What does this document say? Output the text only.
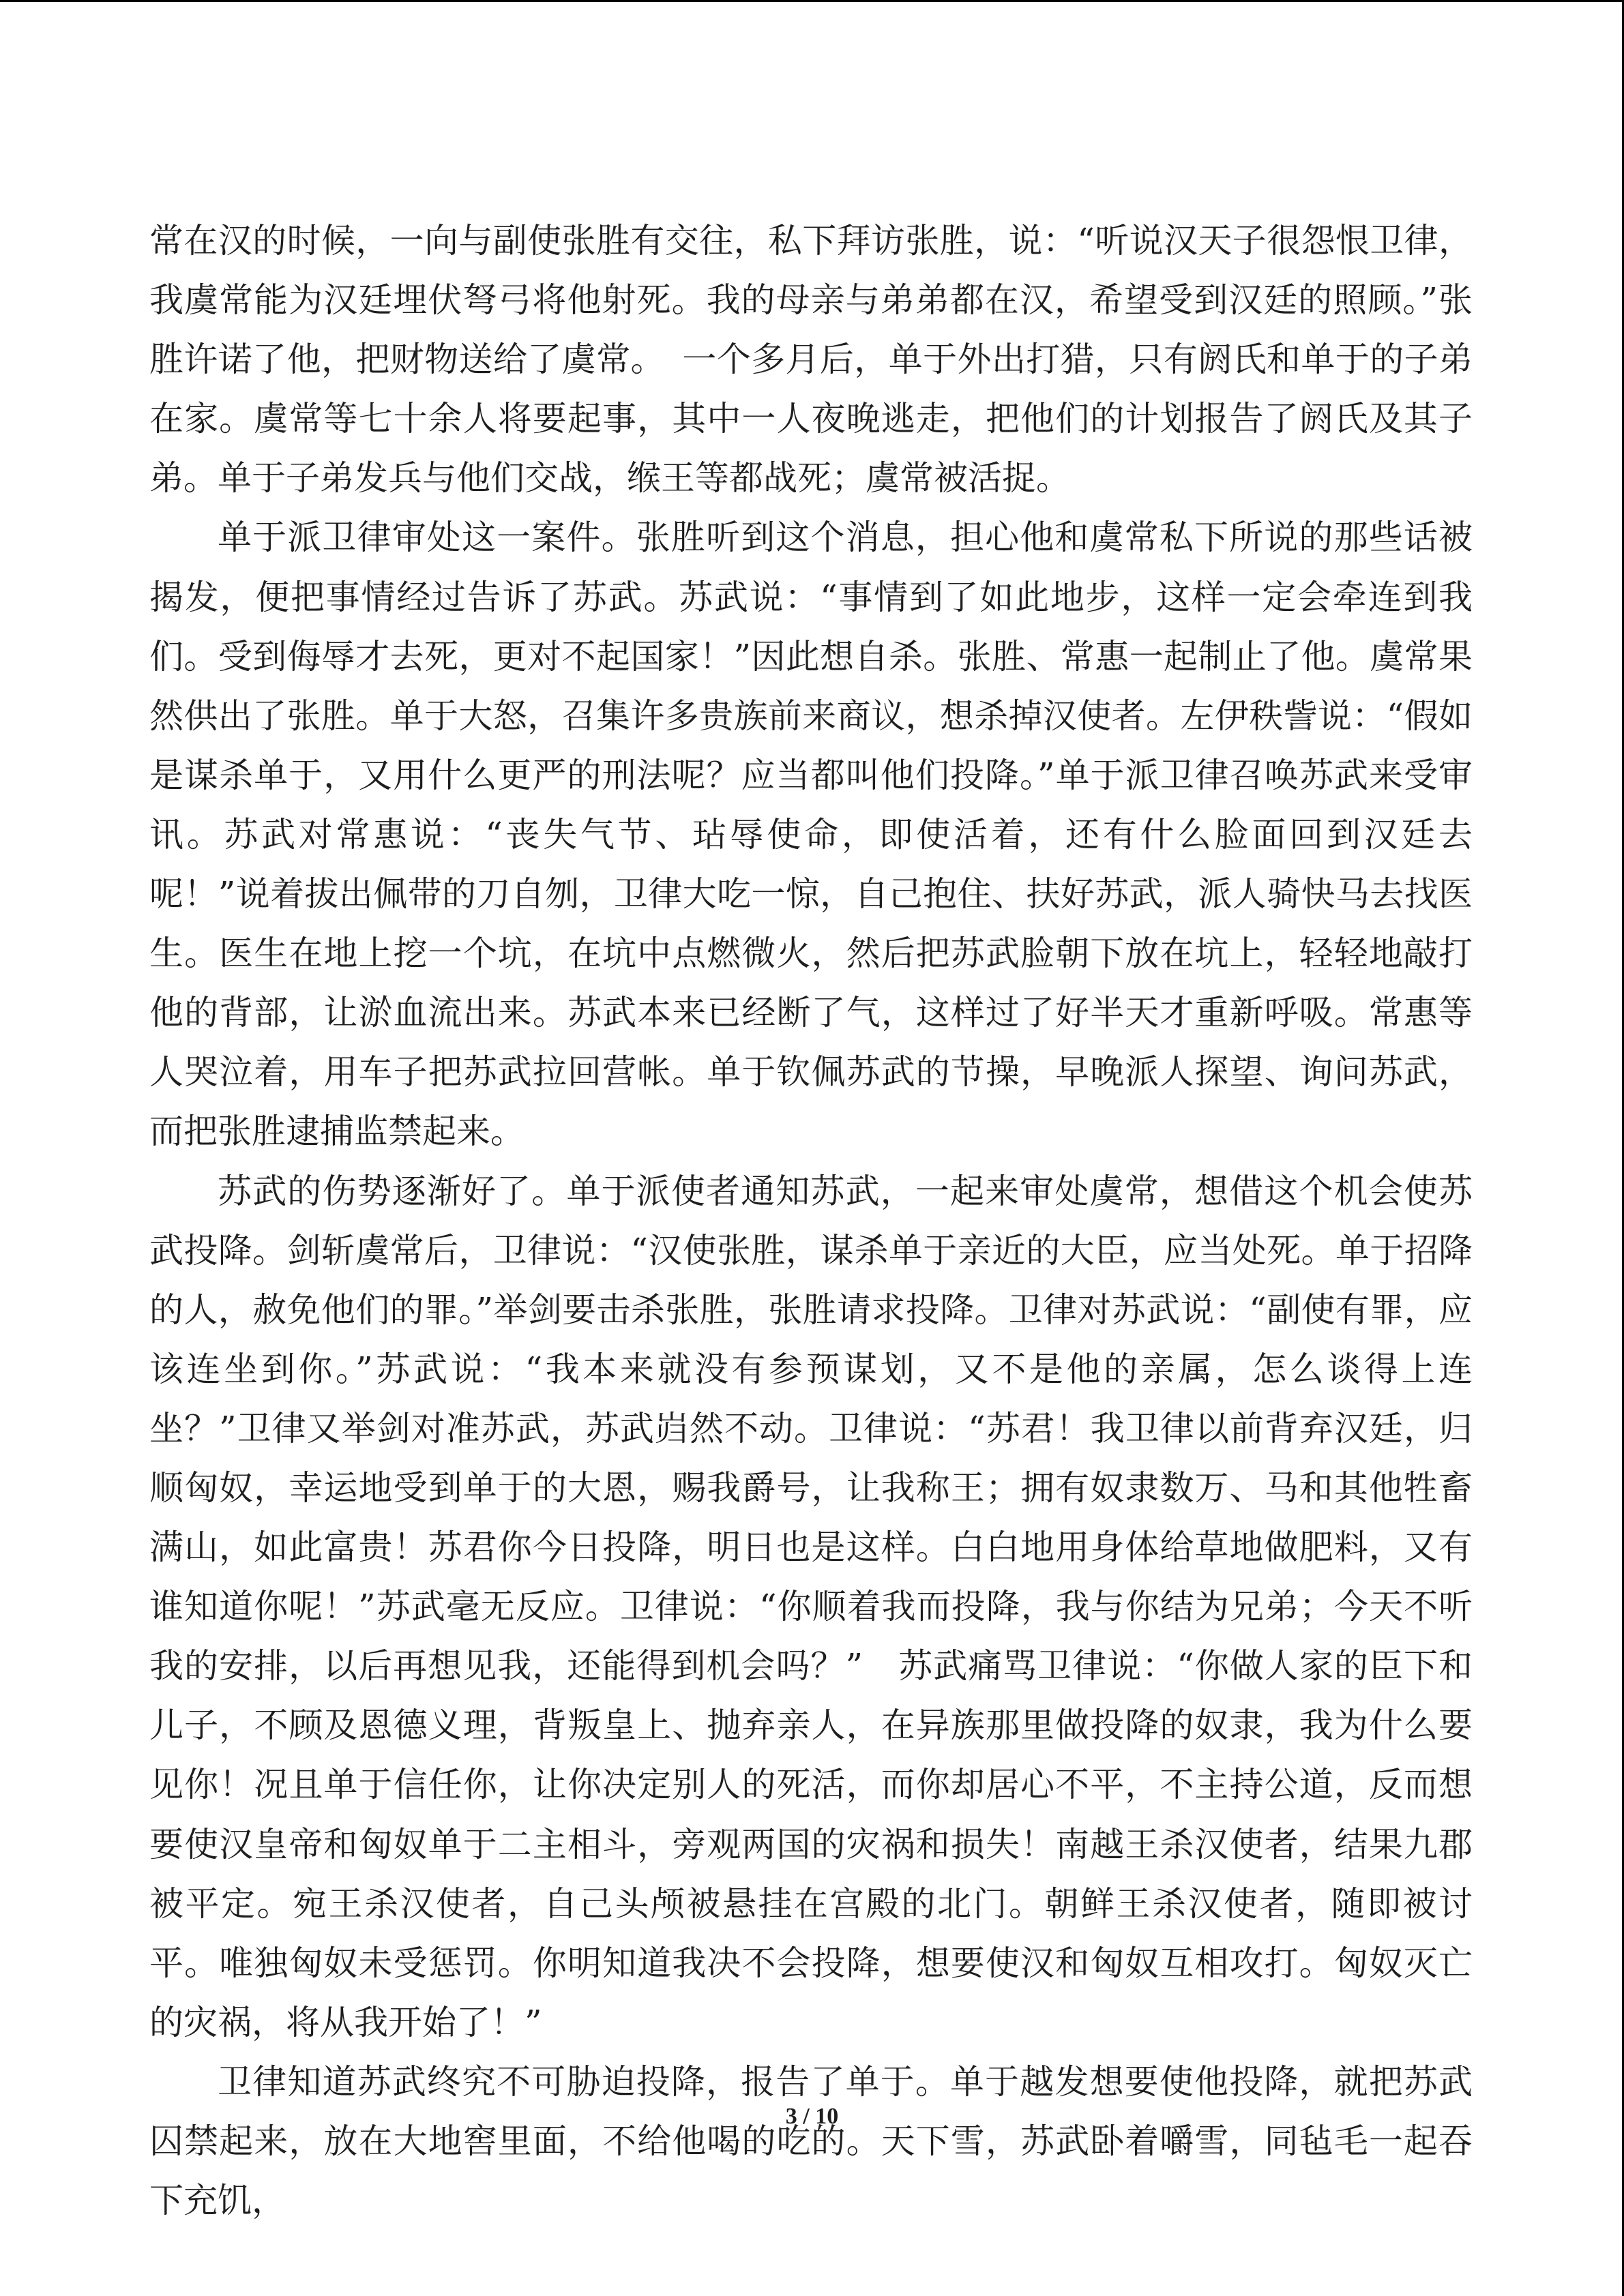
常在汉的时候，一向与副使张胜有交往，私下拜访张胜，说：“听说汉天子很怨恨卫律，我虞常能为汉廷埋伏弩弓将他射死。我的母亲与弟弟都在汉，希望受到汉廷的照顾。”张胜许诺了他，把财物送给了虞常。　一个多月后，单于外出打猎，只有阏氏和单于的子弟在家。虞常等七十余人将要起事，其中一人夜晚逃走，把他们的计划报告了阏氏及其子弟。单于子弟发兵与他们交战，缑王等都战死；虞常被活捉。

单于派卫律审处这一案件。张胜听到这个消息，担心他和虞常私下所说的那些话被揭发，便把事情经过告诉了苏武。苏武说：“事情到了如此地步，这样一定会牵连到我们。受到侮辱才去死，更对不起国家！”因此想自杀。张胜、常惠一起制止了他。虞常果然供出了张胜。单于大怒，召集许多贵族前来商议，想杀掉汉使者。左伊秩訾说：“假如是谋杀单于，又用什么更严的刑法呢？应当都叫他们投降。”单于派卫律召唤苏武来受审讯。苏武对常惠说：“丧失气节、玷辱使命，即使活着，还有什么脸面回到汉廷去呢！”说着拔出佩带的刀自刎，卫律大吃一惊，自己抱住、扶好苏武，派人骑快马去找医生。医生在地上挖一个坑，在坑中点燃微火，然后把苏武脸朝下放在坑上，轻轻地敲打他的背部，让淤血流出来。苏武本来已经断了气，这样过了好半天才重新呼吸。常惠等人哭泣着，用车子把苏武拉回营帐。单于钦佩苏武的节操，早晚派人探望、询问苏武，而把张胜逮捕监禁起来。

苏武的伤势逐渐好了。单于派使者通知苏武，一起来审处虞常，想借这个机会使苏武投降。剑斩虞常后，卫律说：“汉使张胜，谋杀单于亲近的大臣，应当处死。单于招降的人，赦免他们的罪。”举剑要击杀张胜，张胜请求投降。卫律对苏武说：“副使有罪，应该连坐到你。”苏武说：“我本来就没有参预谋划，又不是他的亲属，怎么谈得上连坐？”卫律又举剑对准苏武，苏武岿然不动。卫律说：“苏君！我卫律以前背弃汉廷，归顺匈奴，幸运地受到单于的大恩，赐我爵号，让我称王；拥有奴隶数万、马和其他牲畜满山，如此富贵！苏君你今日投降，明日也是这样。白白地用身体给草地做肥料，又有谁知道你呢！”苏武毫无反应。卫律说：“你顺着我而投降，我与你结为兄弟；今天不听我的安排，以后再想见我，还能得到机会吗？”　苏武痛骂卫律说：“你做人家的臣下和儿子，不顾及恩德义理，背叛皇上、抛弃亲人，在异族那里做投降的奴隶，我为什么要见你！况且单于信任你，让你决定别人的死活，而你却居心不平，不主持公道，反而想要使汉皇帝和匈奴单于二主相斗，旁观两国的灾祸和损失！南越王杀汉使者，结果九郡被平定。宛王杀汉使者，自己头颅被悬挂在宫殿的北门。朝鲜王杀汉使者，随即被讨平。唯独匈奴未受惩罚。你明知道我决不会投降，想要使汉和匈奴互相攻打。匈奴灭亡的灾祸，将从我开始了！”

卫律知道苏武终究不可胁迫投降，报告了单于。单于越发想要使他投降，就把苏武囚禁起来，放在大地窖里面，不给他喝的吃的。天下雪，苏武卧着嚼雪，同毡毛一起吞下充饥，

3 / 10
